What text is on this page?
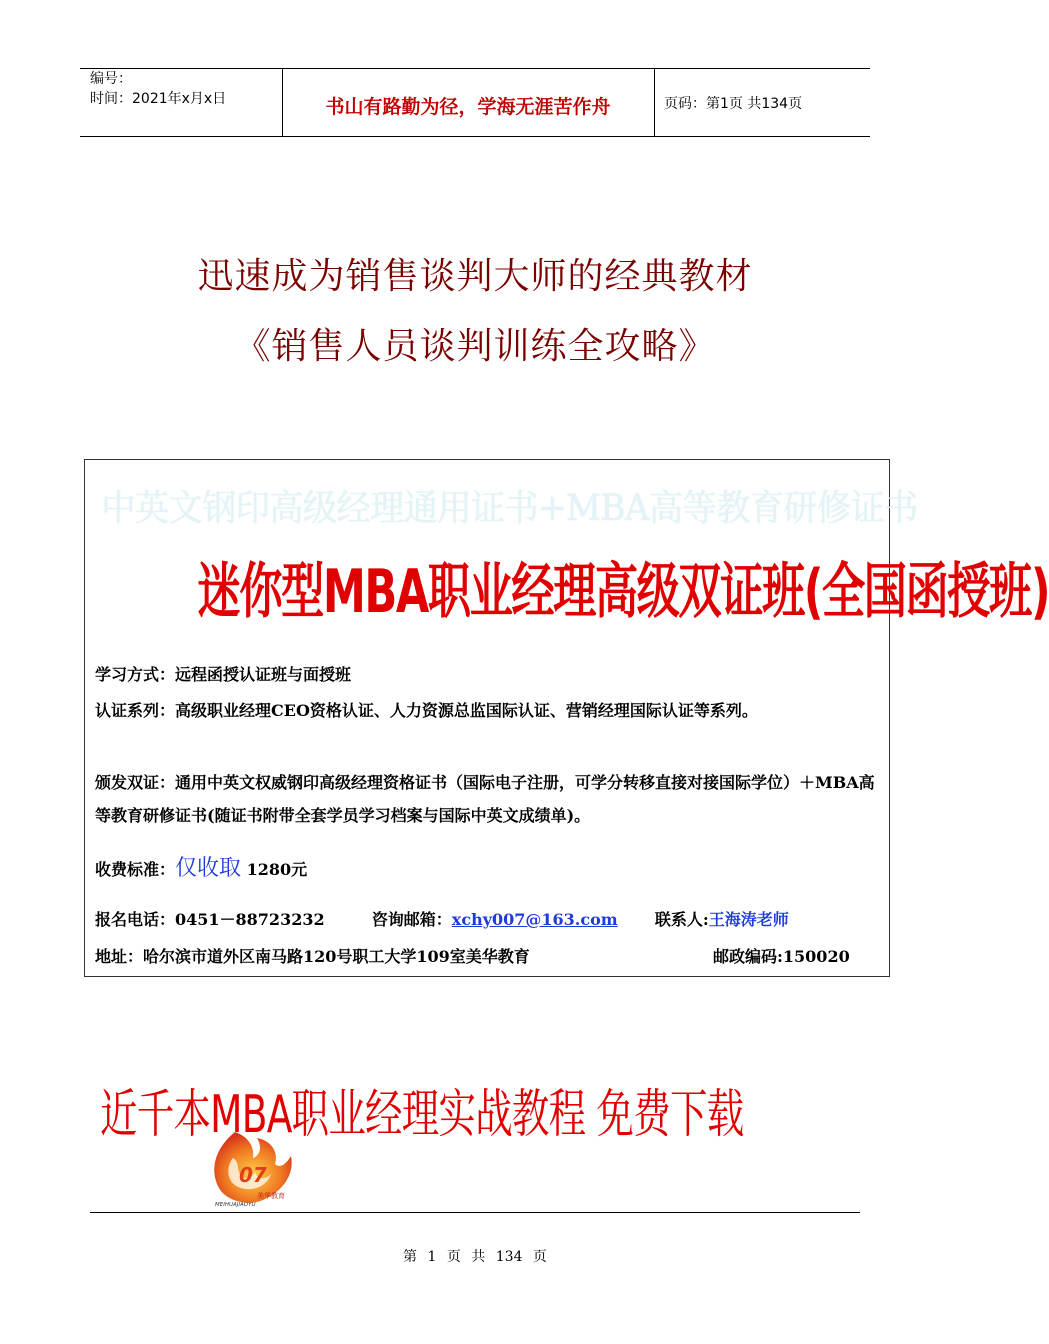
编号：
时间：2021年x月x日	书山有路勤为径，学海无涯苦作舟	页码：第1页 共134页
迅速成为销售谈判大师的经典教材
《销售人员谈判训练全攻略》
中英文钢印高级经理通用证书+MBA高等教育研修证书
迷你型MBA职业经理高级双证班(全国函授班)
学习方式：远程函授认证班与面授班
认证系列：高级职业经理CEO资格认证、人力资源总监国际认证、营销经理国际认证等系列。
颁发双证：通用中英文权威钢印高级经理资格证书（国际电子注册，可学分转移直接对接国际学位）＋MBA高等教育研修证书(随证书附带全套学员学习档案与国际中英文成绩单)。
收费标准：仅收取 1280元
报名电话：0451－88723232	咨询邮箱：xchy007@163.com 联系人:王海涛老师
地址：哈尔滨市道外区南马路120号职工大学109室美华教育	邮政编码:150020
近千本MBA职业经理实战教程 免费下载
07
美华教育
MEIHUAJIAOYU
第 1 页 共 134 页
